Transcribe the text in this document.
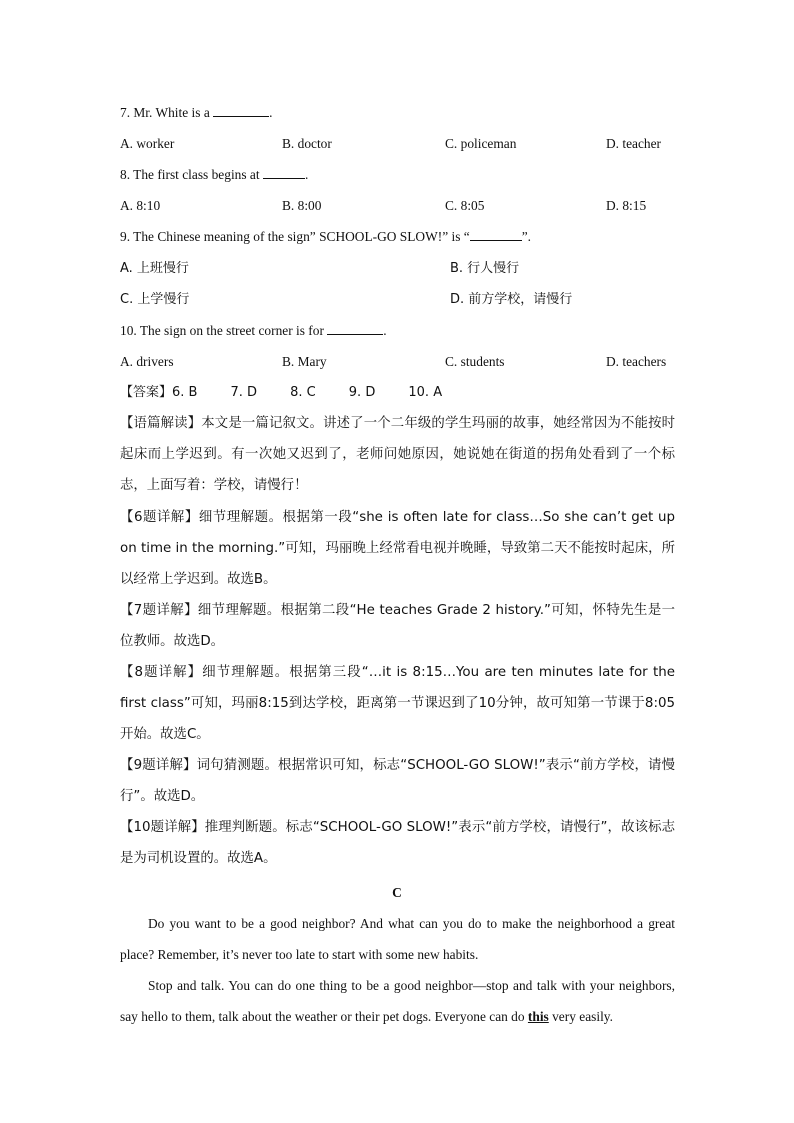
7. Mr. White is a	.
A. worker	B. doctor	C. policeman	D. teacher
8. The first class begins at	.
A. 8:10	B. 8:00	C. 8:05	D. 8:15
9. The Chinese meaning of the sign” SCHOOL-GO SLOW!” is “	”.
A. 上班慢行	B. 行人慢行
C. 上学慢行	D. 前方学校，请慢行
10. The sign on the street corner is for	.
A. drivers	B. Mary	C. students	D. teachers
【答案】6. B        7. D        8. C        9. D        10. A
【语篇解读】本文是一篇记叙文。讲述了一个二年级的学生玛丽的故事，她经常因为不能按时起床而上学迟到。有一次她又迟到了，老师问她原因，她说她在街道的拐角处看到了一个标志，上面写着：学校，请慢行！
【6题详解】细节理解题。根据第一段“she is often late for class…So she can’t get up on time in the morning.”可知，玛丽晚上经常看电视并晚睡，导致第二天不能按时起床，所以经常上学迟到。故选B。
【7题详解】细节理解题。根据第二段“He teaches Grade 2 history.”可知，怀特先生是一位教师。故选D。
【8题详解】细节理解题。根据第三段“…it is 8:15…You are ten minutes late for the first class”可知，玛丽8:15到达学校，距离第一节课迟到了10分钟，故可知第一节课于8:05开始。故选C。
【9题详解】词句猜测题。根据常识可知，标志“SCHOOL-GO SLOW!”表示“前方学校，请慢行”。故选D。
【10题详解】推理判断题。标志“SCHOOL-GO SLOW!”表示“前方学校，请慢行”，故该标志是为司机设置的。故选A。
C
Do you want to be a good neighbor? And what can you do to make the neighborhood a great place? Remember, it’s never too late to start with some new habits.
Stop and talk. You can do one thing to be a good neighbor—stop and talk with your neighbors, say hello to them, talk about the weather or their pet dogs. Everyone can do this very easily.
